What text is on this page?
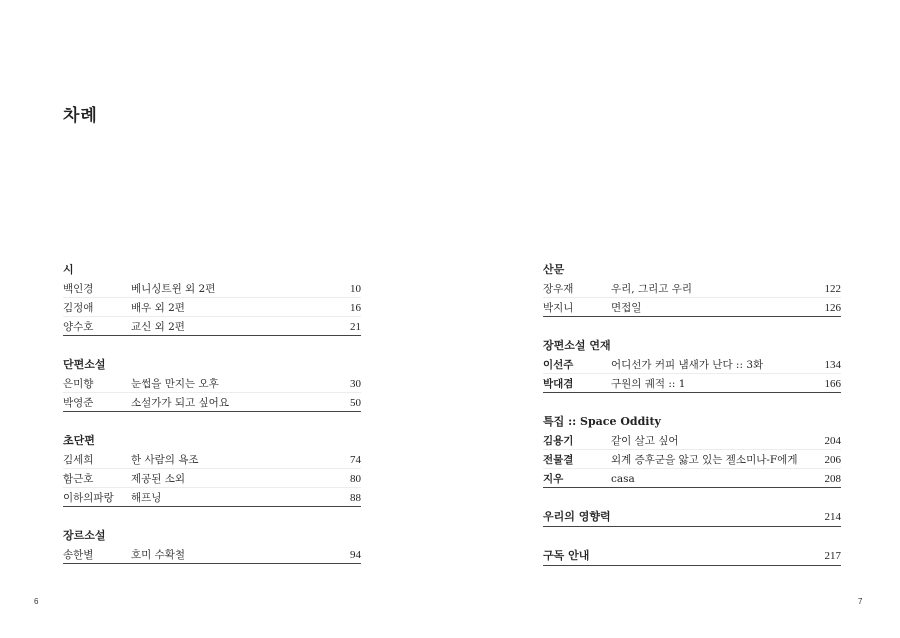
차례
시
백인경	베니싱트윈 외 2편	10
김정애	배우 외 2편	16
양수호	교신 외 2편	21
단편소설
은미향	눈썹을 만지는 오후	30
박영준	소설가가 되고 싶어요	50
초단편
김세희	한 사람의 욕조	74
함근호	제공된 소외	80
이하의파랑	해프닝	88
장르소설
송한별	호미 수확철	94
산문
장우재	우리, 그리고 우리	122
박지니	면접일	126
장편소설 연재
이선주	어디선가 커피 냄새가 난다 :: 3화	134
박대겸	구원의 궤적 :: 1	166
특집 :: Space Oddity
김용기	같이 살고 싶어	204
전물결	외계 증후군을 앓고 있는 젤소미나-F에게	206
지우	casa	208
우리의 영향력	214
구독 안내	217
6	7
